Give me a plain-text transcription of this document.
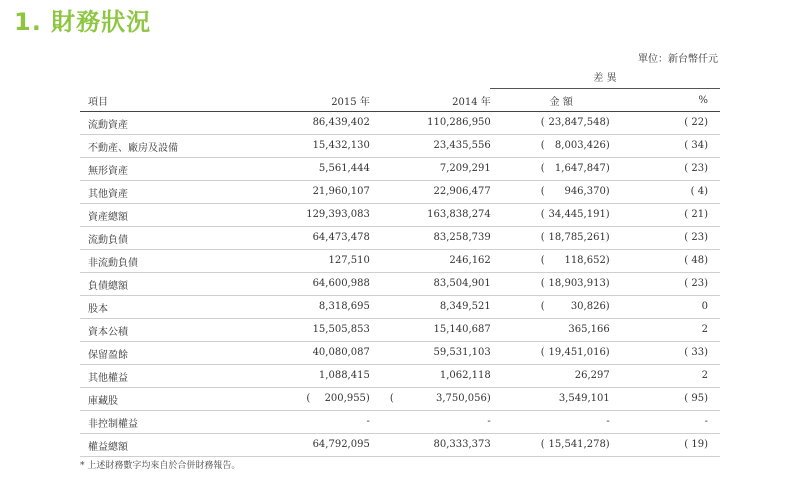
1. 財務狀況
單位：新台幣仟元
差 異
項目	2015 年	2014 年	金 額	%
流動資產	86,439,402	110,286,950	( 23,847,548)	( 22)

不動產、廠房及設備	15,432,130	23,435,556	( 8,003,426)	( 34)

無形資產	5,561,444	7,209,291	( 1,647,847)	( 23)

其他資產	21,960,107	22,906,477	( 946,370)	( 4)

資產總額	129,393,083	163,838,274	( 34,445,191)	( 21)

流動負債	64,473,478	83,258,739	( 18,785,261)	( 23)

非流動負債	127,510	246,162	( 118,652)	( 48)

負債總額	64,600,988	83,504,901	( 18,903,913)	( 23)

股本	8,318,695	8,349,521	( 30,826)	0

資本公積	15,505,853	15,140,687	365,166	2

保留盈餘	40,080,087	59,531,103	( 19,451,016)	( 33)

其他權益	1,088,415	1,062,118	26,297	2

庫藏股	( 200,955)	( 3,750,056)	3,549,101	( 95)

非控制權益	-	-	-	-

權益總額	64,792,095	80,333,373	( 15,541,278)	( 19)
* 上述財務數字均來自於合併財務報告。
